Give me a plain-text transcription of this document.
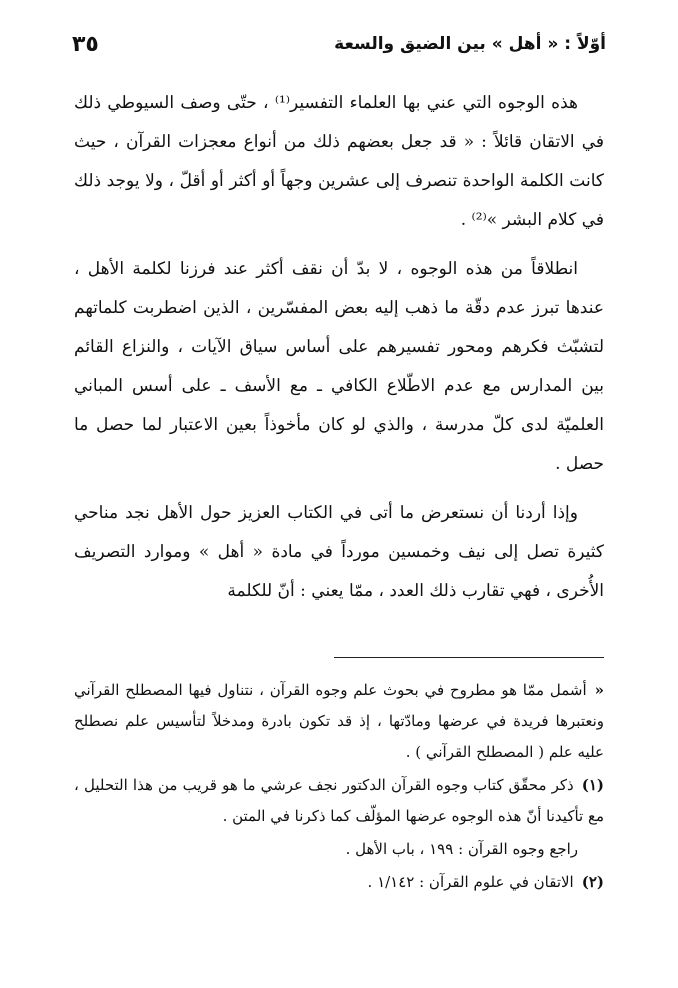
أوّلاً : « أهل » بين الضيق والسعة
٣٥

هذه الوجوه التي عني بها العلماء التفسير⁽¹⁾ ، حتّى وصف السيوطي ذلك في الاتقان قائلاً : « قد جعل بعضهم ذلك من أنواع معجزات القرآن ، حيث كانت الكلمة الواحدة تنصرف إلى عشرين وجهاً أو أكثر أو أقلّ ، ولا يوجد ذلك في كلام البشر »⁽²⁾ .

انطلاقاً من هذه الوجوه ، لا بدّ أن نقف أكثر عند فرزنا لكلمة الأهل ، عندها تبرز عدم دقّة ما ذهب إليه بعض المفسّرين ، الذين اضطربت كلماتهم لتشبّث فكرهم ومحور تفسيرهم على أساس سياق الآيات ، والنزاع القائم بين المدارس مع عدم الاطّلاع الكافي ـ مع الأسف ـ على أسس المباني العلميّة لدى كلّ مدرسة ، والذي لو كان مأخوذاً بعين الاعتبار لما حصل ما حصل .

وإذا أردنا أن نستعرض ما أتى في الكتاب العزيز حول الأهل نجد مناحي كثيرة تصل إلى نيف وخمسين مورداً في مادة « أهل » وموارد التصريف الأُخرى ، فهي تقارب ذلك العدد ، ممّا يعني : أنّ للكلمة

«أشمل ممّا هو مطروح في بحوث علم وجوه القرآن ، نتناول فيها المصطلح القرآني ونعتبرها فريدة في عرضها ومادّتها ، إذ قد تكون بادرة ومدخلاً لتأسيس علم نصطلح عليه علم ( المصطلح القرآني ) .

(١)ذكر محقّق كتاب وجوه القرآن الدكتور نجف عرشي ما هو قريب من هذا التحليل ، مع تأكيدنا أنّ هذه الوجوه عرضها المؤلّف كما ذكرنا في المتن .

راجع وجوه القرآن : ١٩٩ ، باب الأهل .

(٢)الاتقان في علوم القرآن : ١/١٤٢ .
